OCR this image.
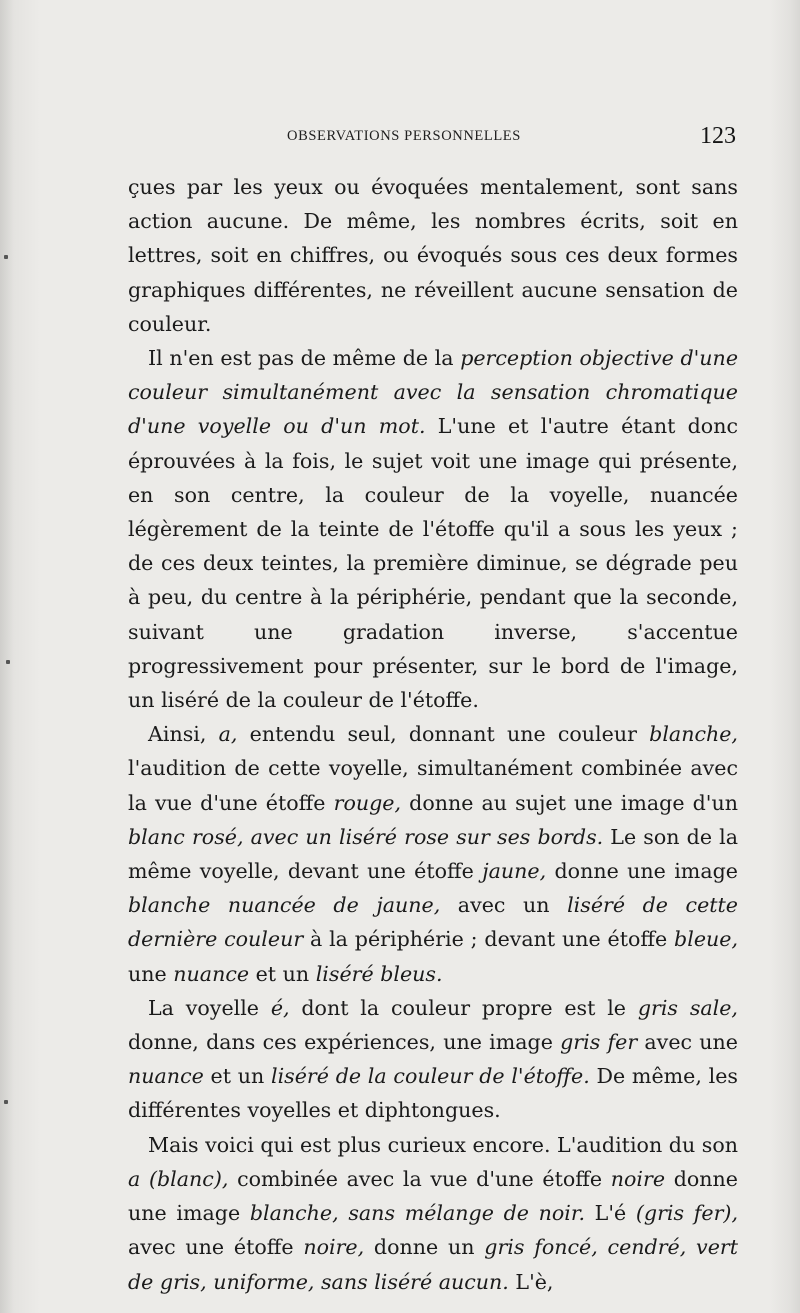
OBSERVATIONS PERSONNELLES	123

çues par les yeux ou évoquées mentalement, sont sans action aucune. De même, les nombres écrits, soit en lettres, soit en chiffres, ou évoqués sous ces deux formes graphiques différentes, ne réveillent aucune sensation de couleur.

Il n'en est pas de même de la perception objective d'une couleur simultanément avec la sensation chromatique d'une voyelle ou d'un mot. L'une et l'autre étant donc éprouvées à la fois, le sujet voit une image qui présente, en son centre, la couleur de la voyelle, nuancée légèrement de la teinte de l'étoffe qu'il a sous les yeux ; de ces deux teintes, la première diminue, se dégrade peu à peu, du centre à la périphérie, pendant que la seconde, suivant une gradation inverse, s'accentue progressivement pour présenter, sur le bord de l'image, un liséré de la couleur de l'étoffe.

Ainsi, a, entendu seul, donnant une couleur blanche, l'audition de cette voyelle, simultanément combinée avec la vue d'une étoffe rouge, donne au sujet une image d'un blanc rosé, avec un liséré rose sur ses bords. Le son de la même voyelle, devant une étoffe jaune, donne une image blanche nuancée de jaune, avec un liséré de cette dernière couleur à la périphérie ; devant une étoffe bleue, une nuance et un liséré bleus.

La voyelle é, dont la couleur propre est le gris sale, donne, dans ces expériences, une image gris fer avec une nuance et un liséré de la couleur de l'étoffe. De même, les différentes voyelles et diphtongues.

Mais voici qui est plus curieux encore. L'audition du son a (blanc), combinée avec la vue d'une étoffe noire donne une image blanche, sans mélange de noir. L'é (gris fer), avec une étoffe noire, donne un gris foncé, cendré, vert de gris, uniforme, sans liséré aucun. L'è,
